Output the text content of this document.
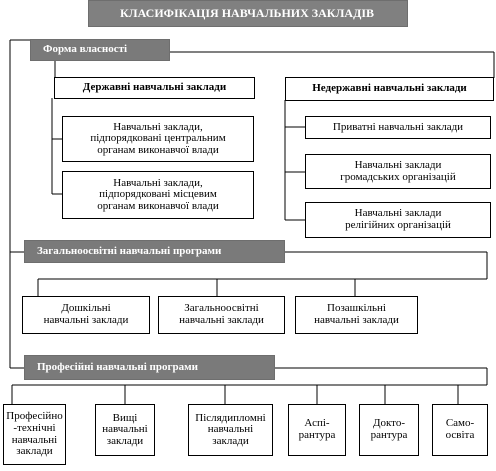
КЛАСИФІКАЦІЯ НАВЧАЛЬНИХ ЗАКЛАДІВ
Форма власності
Державні навчальні заклади
Навчальні заклади,
підпорядковані центральним
органам виконавчої влади
Навчальні заклади,
підпорядковані місцевим
органам виконавчої влади
Недержавні навчальні заклади
Приватні навчальні заклади
Навчальні заклади
громадських організацій
Навчальні заклади
релігійних організацій
Загальноосвітні навчальні програми
Дошкільні
навчальні заклади
Загальноосвітні
навчальні заклади
Позашкільні
навчальні заклади
Професійні навчальні програми
Професійно
-технічні
навчальні
заклади
Вищі
навчальні
заклади
Післядипломні
навчальні
заклади
Аспі-
рантура
Докто-
рантура
Само-
освіта
